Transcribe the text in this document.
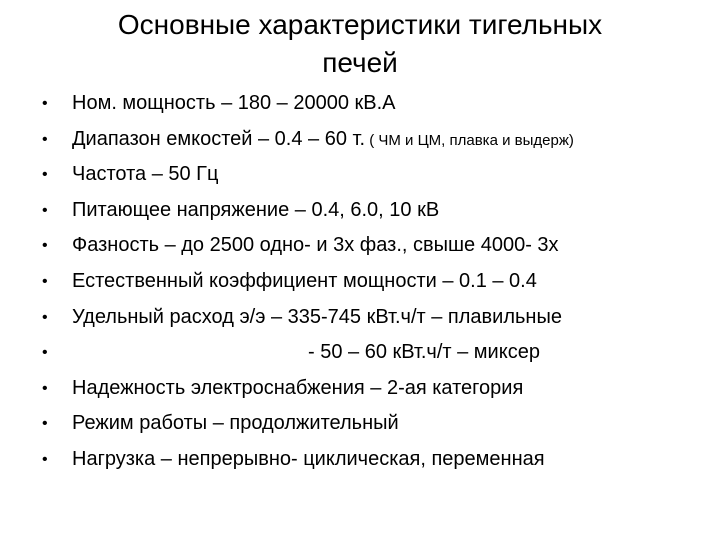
Основные характеристики тигельных
печей
• Ном. мощность – 180 – 20000 кВ.А
• Диапазон емкостей – 0.4 – 60 т. ( ЧМ и ЦМ, плавка и выдерж)
• Частота – 50 Гц
• Питающее напряжение – 0.4, 6.0, 10 кВ
• Фазность – до 2500 одно- и 3х фаз., свыше 4000- 3х
• Естественный коэффициент мощности – 0.1 – 0.4
• Удельный расход э/э – 335-745 кВт.ч/т – плавильные
•	- 50 – 60 кВт.ч/т – миксер
• Надежность электроснабжения – 2-ая категория
• Режим работы – продолжительный
• Нагрузка – непрерывно- циклическая, переменная
